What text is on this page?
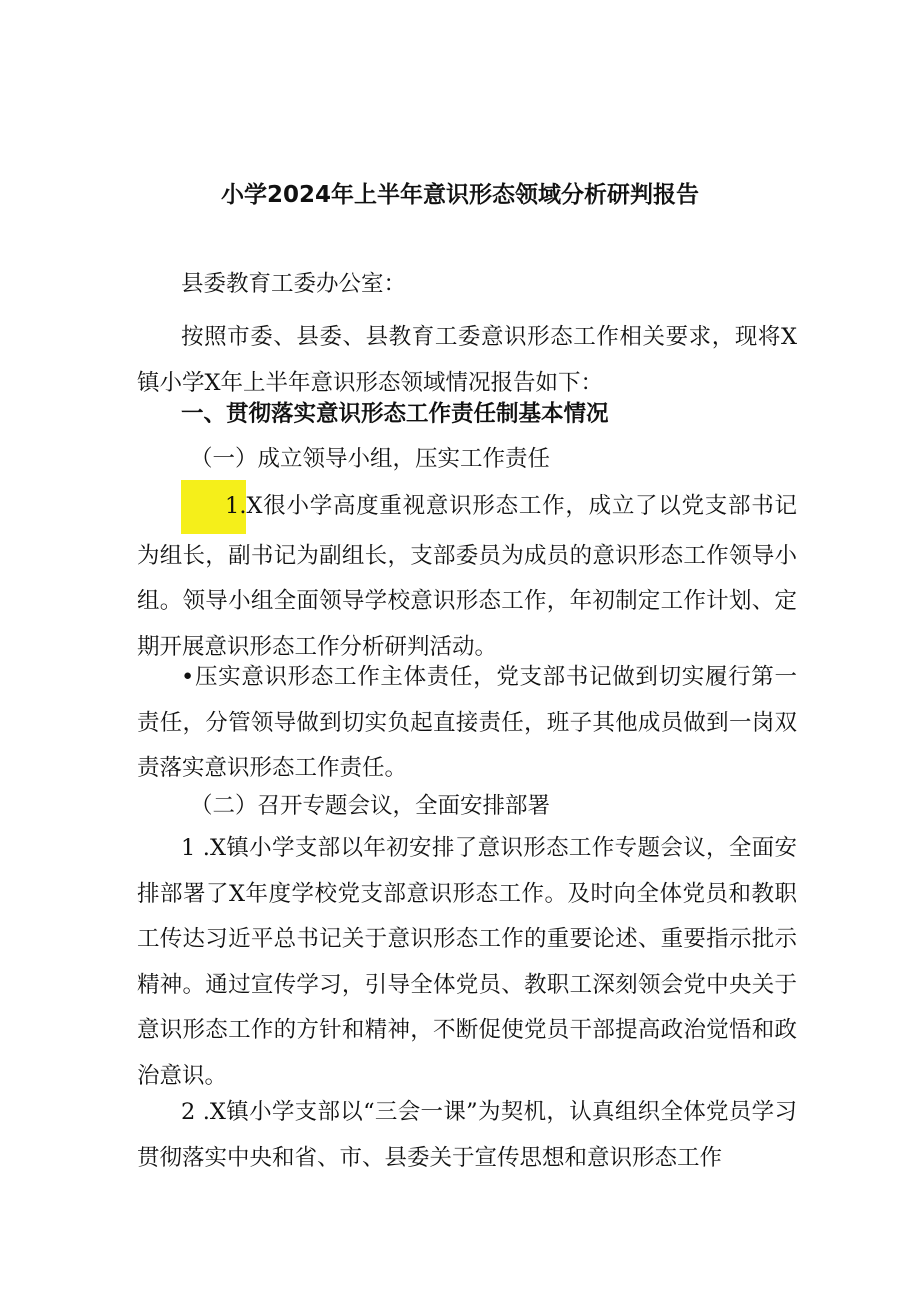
小学2024年上半年意识形态领域分析研判报告

县委教育工委办公室：

按照市委、县委、县教育工委意识形态工作相关要求，现将X镇小学X年上半年意识形态领域情况报告如下：

一、贯彻落实意识形态工作责任制基本情况
（一）成立领导小组，压实工作责任

1.X很小学高度重视意识形态工作，成立了以党支部书记为组长，副书记为副组长，支部委员为成员的意识形态工作领导小组。领导小组全面领导学校意识形态工作，年初制定工作计划、定期开展意识形态工作分析研判活动。

•压实意识形态工作主体责任，党支部书记做到切实履行第一责任，分管领导做到切实负起直接责任，班子其他成员做到一岗双责落实意识形态工作责任。

（二）召开专题会议，全面安排部署

1 .X镇小学支部以年初安排了意识形态工作专题会议，全面安排部署了X年度学校党支部意识形态工作。及时向全体党员和教职工传达习近平总书记关于意识形态工作的重要论述、重要指示批示精神。通过宣传学习，引导全体党员、教职工深刻领会党中央关于意识形态工作的方针和精神，不断促使党员干部提高政治觉悟和政治意识。

2 .X镇小学支部以“三会一课”为契机，认真组织全体党员学习贯彻落实中央和省、市、县委关于宣传思想和意识形态工作
